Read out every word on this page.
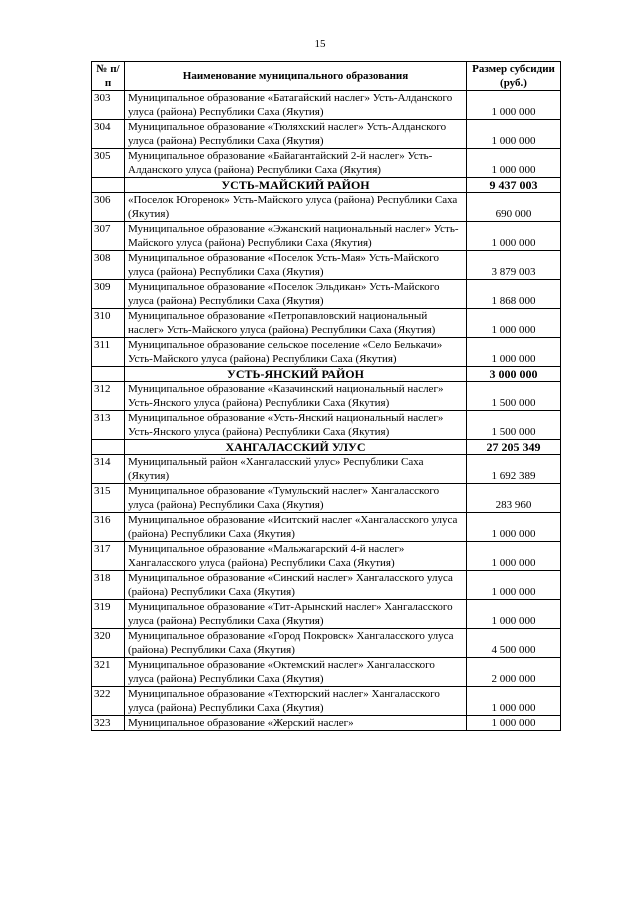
15
№ п/п	Наименование муниципального образования	Размер субсидии (руб.)
303	Муниципальное образование «Батагайский наслег» Усть-Алданского улуса (района) Республики Саха (Якутия)	1 000 000
304	Муниципальное образование «Тюляхский наслег» Усть-Алданского улуса (района) Республики Саха (Якутия)	1 000 000
305	Муниципальное образование «Байагантайский 2-й наслег» Усть-Алданского улуса (района) Республики Саха (Якутия)	1 000 000
	УСТЬ-МАЙСКИЙ РАЙОН	9 437 003
306	«Поселок Югоренок» Усть-Майского улуса (района) Республики Саха (Якутия)	690 000
307	Муниципальное образование «Эжанский национальный наслег» Усть-Майского улуса (района) Республики Саха (Якутия)	1 000 000
308	Муниципальное образование «Поселок Усть-Мая» Усть-Майского улуса (района) Республики Саха (Якутия)	3 879 003
309	Муниципальное образование «Поселок Эльдикан» Усть-Майского улуса (района) Республики Саха (Якутия)	1 868 000
310	Муниципальное образование «Петропавловский национальный наслег» Усть-Майского улуса (района) Республики Саха (Якутия)	1 000 000
311	Муниципальное образование сельское поселение «Село Белькачи» Усть-Майского улуса (района) Республики Саха (Якутия)	1 000 000
	УСТЬ-ЯНСКИЙ РАЙОН	3 000 000
312	Муниципальное образование «Казачинский национальный наслег» Усть-Янского улуса (района) Республики Саха (Якутия)	1 500 000
313	Муниципальное образование «Усть-Янский национальный наслег» Усть-Янского улуса (района) Республики Саха (Якутия)	1 500 000
	ХАНГАЛАССКИЙ УЛУС	27 205 349
314	Муниципальный район «Хангаласский улус» Республики Саха (Якутия)	1 692 389
315	Муниципальное образование «Тумульский наслег» Хангаласского улуса (района) Республики Саха (Якутия)	283 960
316	Муниципальное образование «Иситский наслег «Хангаласского улуса (района) Республики Саха (Якутия)	1 000 000
317	Муниципальное образование «Мальжагарский 4-й наслег» Хангаласского улуса (района) Республики Саха (Якутия)	1 000 000
318	Муниципальное образование «Синский наслег» Хангаласского улуса (района) Республики Саха (Якутия)	1 000 000
319	Муниципальное образование «Тит-Арынский наслег» Хангаласского улуса (района) Республики Саха (Якутия)	1 000 000
320	Муниципальное образование «Город Покровск» Хангаласского улуса (района) Республики Саха (Якутия)	4 500 000
321	Муниципальное образование «Октемский наслег» Хангаласского улуса (района) Республики Саха (Якутия)	2 000 000
322	Муниципальное образование «Техтюрский наслег» Хангаласского улуса (района) Республики Саха (Якутия)	1 000 000
323	Муниципальное образование «Жерский наслег»	1 000 000
